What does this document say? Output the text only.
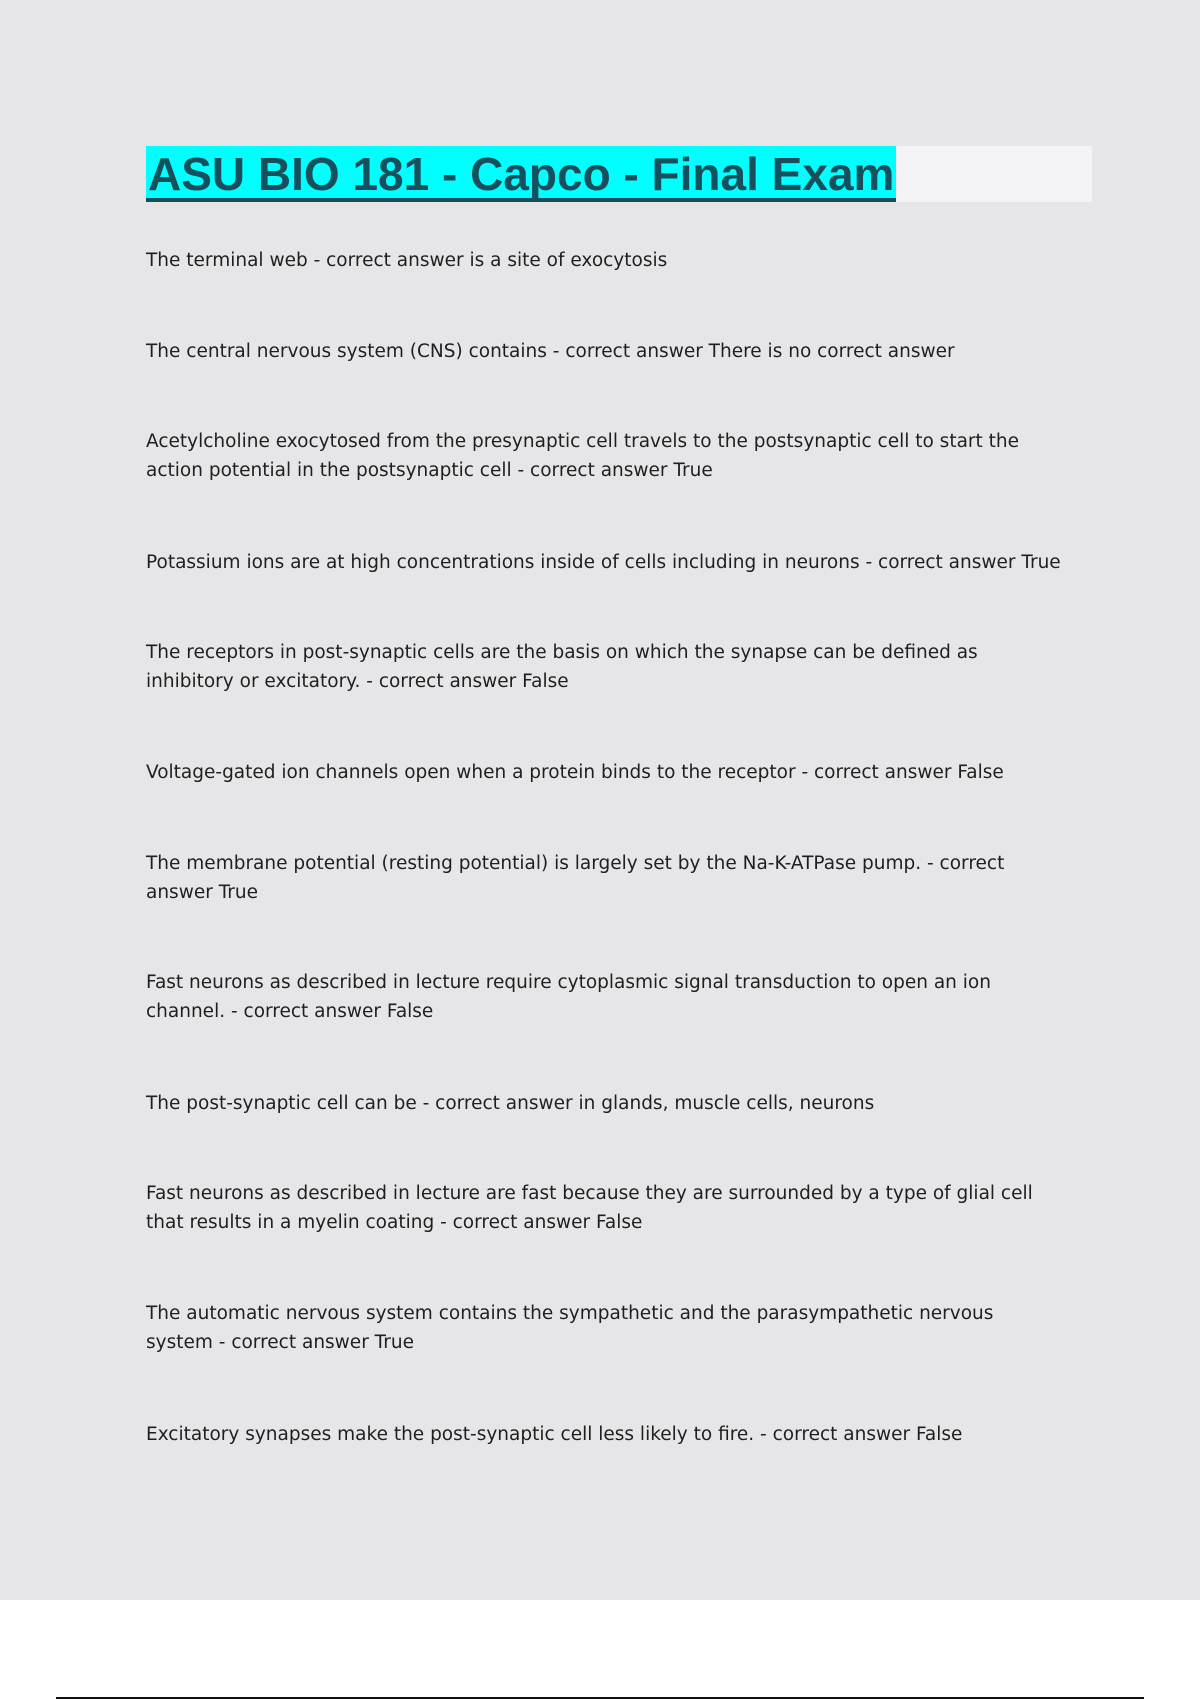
ASU BIO 181 - Capco - Final Exam

The terminal web - correct answer is a site of exocytosis

The central nervous system (CNS) contains - correct answer There is no correct answer

Acetylcholine exocytosed from the presynaptic cell travels to the postsynaptic cell to start the action potential in the postsynaptic cell - correct answer True

Potassium ions are at high concentrations inside of cells including in neurons - correct answer True

The receptors in post-synaptic cells are the basis on which the synapse can be defined as inhibitory or excitatory. - correct answer False

Voltage-gated ion channels open when a protein binds to the receptor - correct answer False

The membrane potential (resting potential) is largely set by the Na-K-ATPase pump. - correct answer True

Fast neurons as described in lecture require cytoplasmic signal transduction to open an ion channel. - correct answer False

The post-synaptic cell can be - correct answer in glands, muscle cells, neurons

Fast neurons as described in lecture are fast because they are surrounded by a type of glial cell that results in a myelin coating - correct answer False

The automatic nervous system contains the sympathetic and the parasympathetic nervous system - correct answer True

Excitatory synapses make the post-synaptic cell less likely to fire. - correct answer False
